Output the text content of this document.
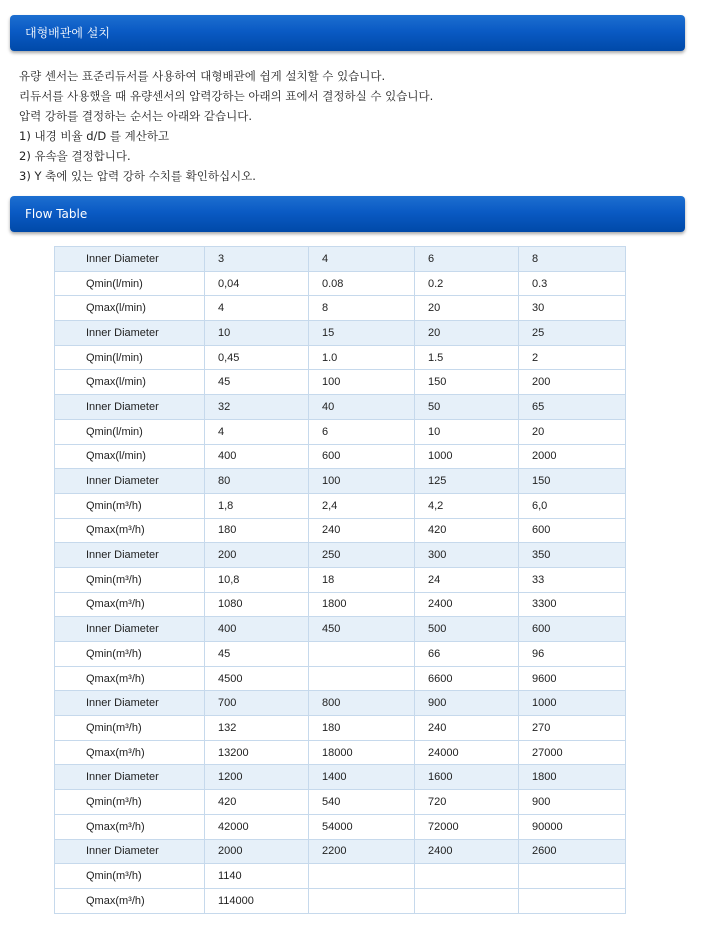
대형배관에 설치
유량 센서는 표준리듀서를 사용하여 대형배관에 쉽게 설치할 수 있습니다.
리듀서를 사용했을 때 유량센서의 압력강하는 아래의 표에서 결정하실 수 있습니다.
압력 강하를 결정하는 순서는 아래와 같습니다.
1) 내경 비율 d/D 를 계산하고
2) 유속을 결정합니다.
3) Y 축에 있는 압력 강하 수치를 확인하십시오.
Flow Table
Inner Diameter	3	4	6	8
Qmin(l/min)	0,04	0.08	0.2	0.3
Qmax(l/min)	4	8	20	30
Inner Diameter	10	15	20	25
Qmin(l/min)	0,45	1.0	1.5	2
Qmax(l/min)	45	100	150	200
Inner Diameter	32	40	50	65
Qmin(l/min)	4	6	10	20
Qmax(l/min)	400	600	1000	2000
Inner Diameter	80	100	125	150
Qmin(m³/h)	1,8	2,4	4,2	6,0
Qmax(m³/h)	180	240	420	600
Inner Diameter	200	250	300	350
Qmin(m³/h)	10,8	18	24	33
Qmax(m³/h)	1080	1800	2400	3300
Inner Diameter	400	450	500	600
Qmin(m³/h)	45		66	96
Qmax(m³/h)	4500		6600	9600
Inner Diameter	700	800	900	1000
Qmin(m³/h)	132	180	240	270
Qmax(m³/h)	13200	18000	24000	27000
Inner Diameter	1200	1400	1600	1800
Qmin(m³/h)	420	540	720	900
Qmax(m³/h)	42000	54000	72000	90000
Inner Diameter	2000	2200	2400	2600
Qmin(m³/h)	1140			
Qmax(m³/h)	114000			
